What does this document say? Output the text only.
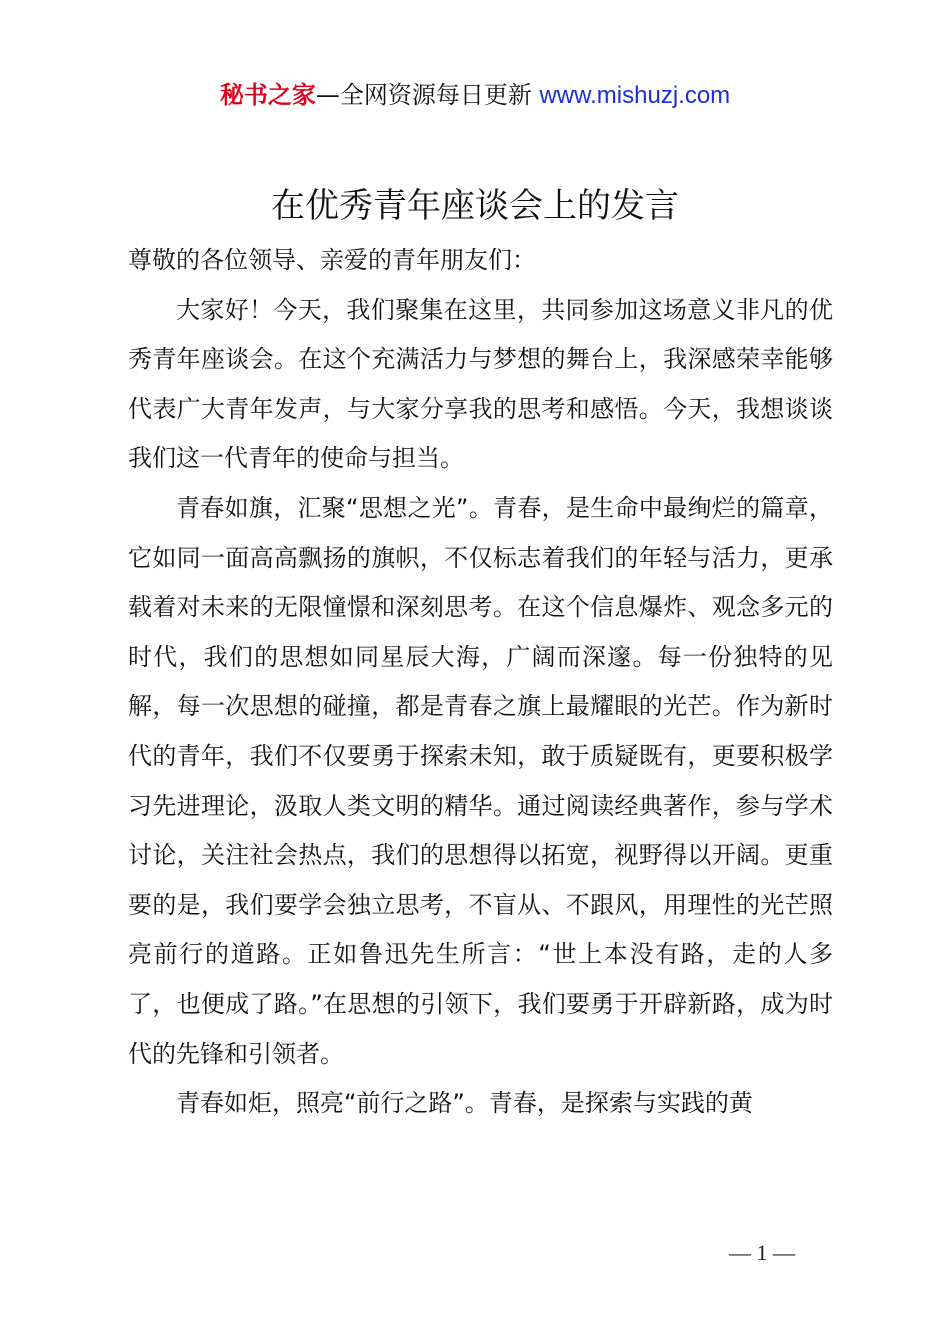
秘书之家—全网资源每日更新 www.mishuzj.com
在优秀青年座谈会上的发言

尊敬的各位领导、亲爱的青年朋友们：

大家好！今天，我们聚集在这里，共同参加这场意义非凡的优秀青年座谈会。在这个充满活力与梦想的舞台上，我深感荣幸能够代表广大青年发声，与大家分享我的思考和感悟。今天，我想谈谈我们这一代青年的使命与担当。

青春如旗，汇聚“思想之光”。青春，是生命中最绚烂的篇章，它如同一面高高飘扬的旗帜，不仅标志着我们的年轻与活力，更承载着对未来的无限憧憬和深刻思考。在这个信息爆炸、观念多元的时代，我们的思想如同星辰大海，广阔而深邃。每一份独特的见解，每一次思想的碰撞，都是青春之旗上最耀眼的光芒。作为新时代的青年，我们不仅要勇于探索未知，敢于质疑既有，更要积极学习先进理论，汲取人类文明的精华。通过阅读经典著作，参与学术讨论，关注社会热点，我们的思想得以拓宽，视野得以开阔。更重要的是，我们要学会独立思考，不盲从、不跟风，用理性的光芒照亮前行的道路。正如鲁迅先生所言：“世上本没有路，走的人多了，也便成了路。”在思想的引领下，我们要勇于开辟新路，成为时代的先锋和引领者。

青春如炬，照亮“前行之路”。青春，是探索与实践的黄

— 1 —
